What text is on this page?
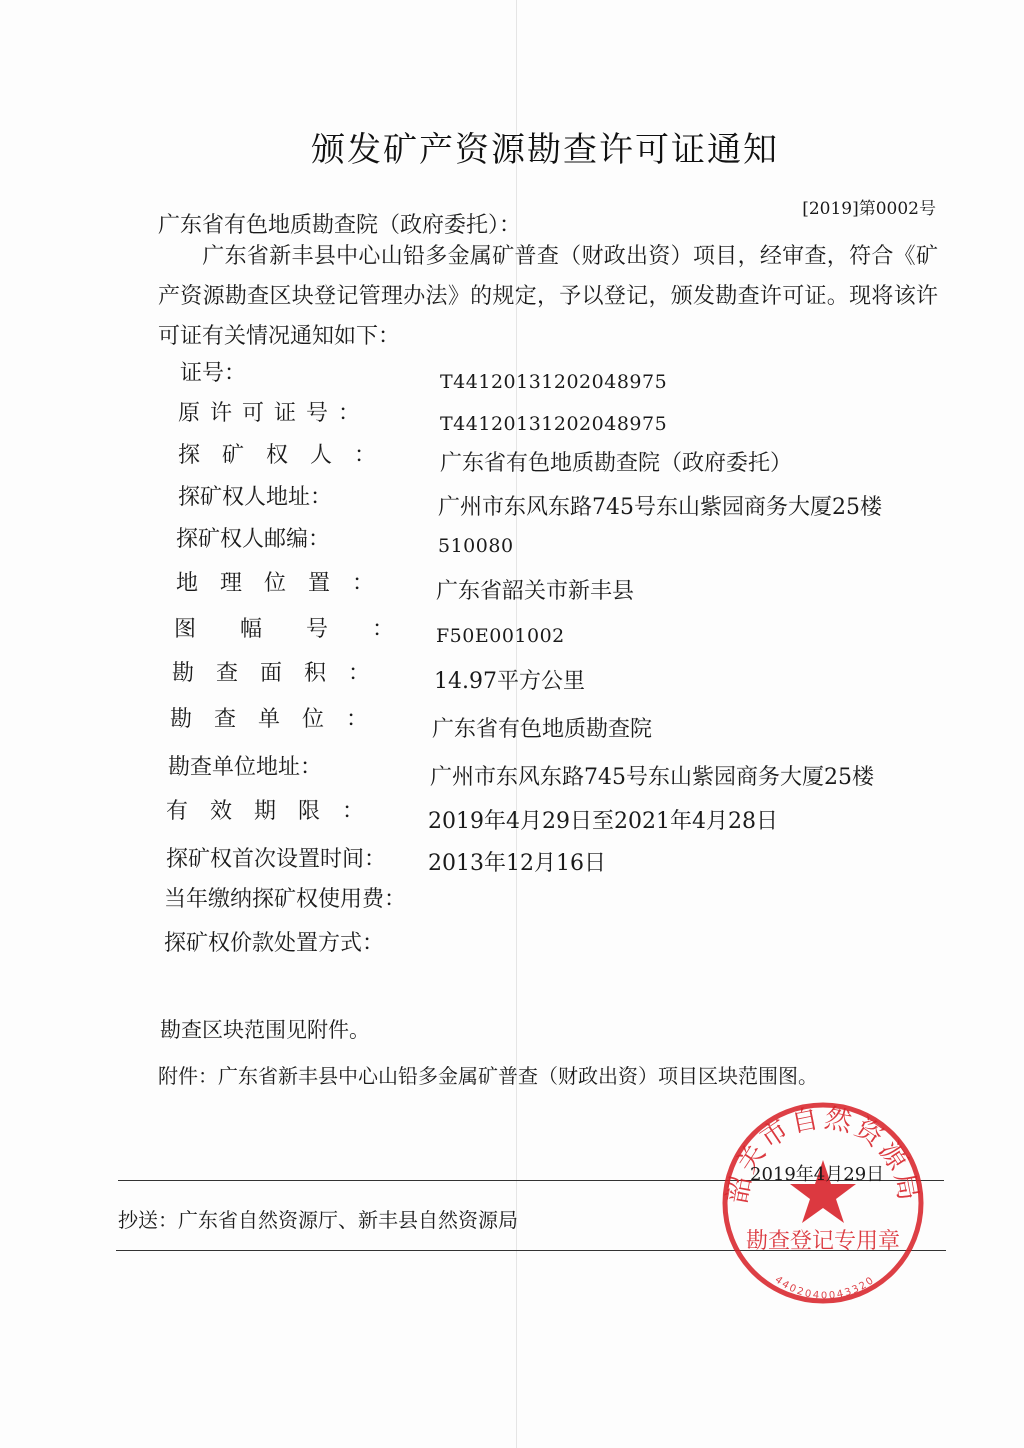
颁发矿产资源勘查许可证通知
[2019]第0002号
广东省有色地质勘查院（政府委托）：
广东省新丰县中心山铅多金属矿普查（财政出资）项目，经审查，符合《矿产资源勘查区块登记管理办法》的规定，予以登记，颁发勘查许可证。现将该许可证有关情况通知如下：
证号：	T44120131202048975
原许可证号：	T44120131202048975
探矿权人： 广东省有色地质勘查院（政府委托）
探矿权人地址：	广州市东风东路745号东山紫园商务大厦25楼
探矿权人邮编：	510080
地理位置： 广东省韶关市新丰县
图幅号：
F50E001002
勘查面积： 14.97平方公里
勘查单位： 广东省有色地质勘查院
勘查单位地址：	广州市东风东路745号东山紫园商务大厦25楼
有效期限： 2019年4月29日至2021年4月28日
探矿权首次设置时间： 2013年12月16日
当年缴纳探矿权使用费：
探矿权价款处置方式：
勘查区块范围见附件。
附件：广东省新丰县中心山铅多金属矿普查（财政出资）项目区块范围图。
抄送：广东省自然资源厅、新丰县自然资源局
韶关市自然资源局
勘查登记专用章
4402040043320
2019年4月29日
